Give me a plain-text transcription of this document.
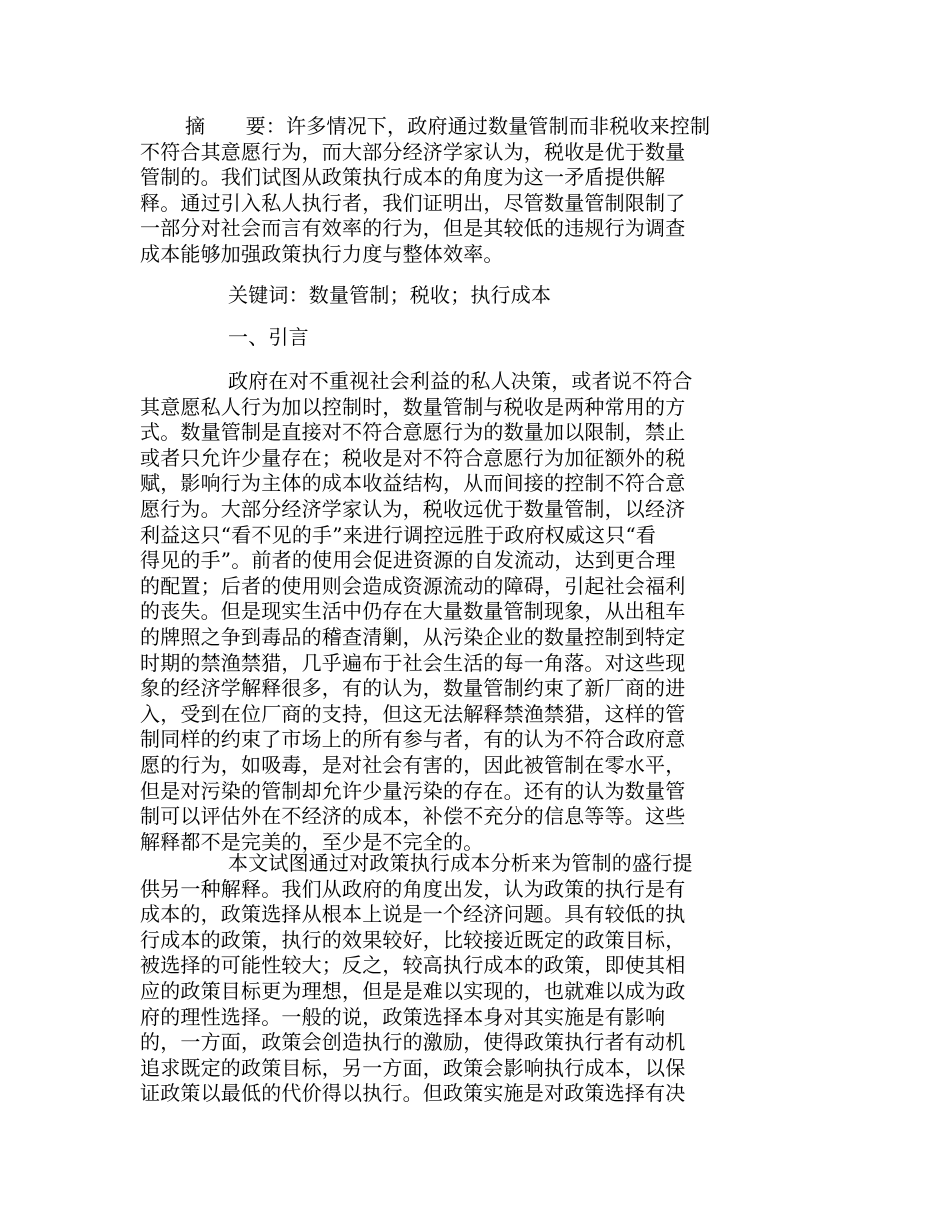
摘　　要：许多情况下，政府通过数量管制而非税收来控制
不符合其意愿行为，而大部分经济学家认为，税收是优于数量
管制的。我们试图从政策执行成本的角度为这一矛盾提供解
释。通过引入私人执行者，我们证明出，尽管数量管制限制了
一部分对社会而言有效率的行为，但是其较低的违规行为调查
成本能够加强政策执行力度与整体效率。
关键词：数量管制；税收；执行成本
一、引言
政府在对不重视社会利益的私人决策，或者说不符合
其意愿私人行为加以控制时，数量管制与税收是两种常用的方
式。数量管制是直接对不符合意愿行为的数量加以限制，禁止
或者只允许少量存在；税收是对不符合意愿行为加征额外的税
赋，影响行为主体的成本收益结构，从而间接的控制不符合意
愿行为。大部分经济学家认为，税收远优于数量管制，以经济
利益这只“看不见的手”来进行调控远胜于政府权威这只“看
得见的手”。前者的使用会促进资源的自发流动，达到更合理
的配置；后者的使用则会造成资源流动的障碍，引起社会福利
的丧失。但是现实生活中仍存在大量数量管制现象，从出租车
的牌照之争到毒品的稽查清剿，从污染企业的数量控制到特定
时期的禁渔禁猎，几乎遍布于社会生活的每一角落。对这些现
象的经济学解释很多，有的认为，数量管制约束了新厂商的进
入，受到在位厂商的支持，但这无法解释禁渔禁猎，这样的管
制同样的约束了市场上的所有参与者，有的认为不符合政府意
愿的行为，如吸毒，是对社会有害的，因此被管制在零水平，
但是对污染的管制却允许少量污染的存在。还有的认为数量管
制可以评估外在不经济的成本，补偿不充分的信息等等。这些
解释都不是完美的，至少是不完全的。
本文试图通过对政策执行成本分析来为管制的盛行提
供另一种解释。我们从政府的角度出发，认为政策的执行是有
成本的，政策选择从根本上说是一个经济问题。具有较低的执
行成本的政策，执行的效果较好，比较接近既定的政策目标，
被选择的可能性较大；反之，较高执行成本的政策，即使其相
应的政策目标更为理想，但是是难以实现的，也就难以成为政
府的理性选择。一般的说，政策选择本身对其实施是有影响
的，一方面，政策会创造执行的激励，使得政策执行者有动机
追求既定的政策目标，另一方面，政策会影响执行成本，以保
证政策以最低的代价得以执行。但政策实施是对政策选择有决
